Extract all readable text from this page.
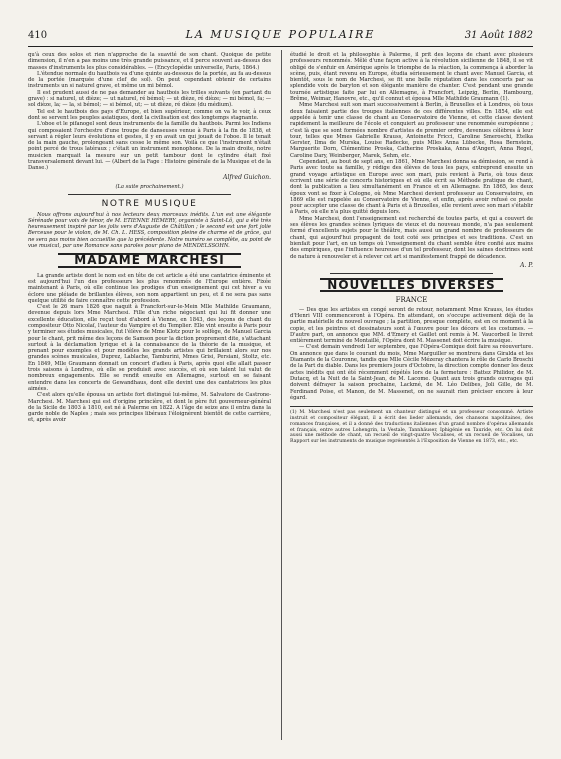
410	LA MUSIQUE POPULAIRE	31 Août 1882

qu'à ceux des solos et rien n'approche de la suavité de son chant. Quoique de petite dimension, il n'en a pas moins une très grande puissance, et il perce souvent au-dessus des masses d'instruments les plus considérables. — (Encyclopédie universelle, Paris, 1864.)

L'étendue normale du hautbois va d'une quinte au-dessous de la portée, au fa au-dessus de la portée (marquée d'une clef de sol). On peut cependant obtenir de certains instruments un si naturel grave, et même un mi bémol.

Il est prudent aussi de ne pas demander au hautbois les trilles suivants (en partant du grave) : si naturel, ut dièze; — ut naturel, ré bémol; — ut dièze, ré dièze; — mi bémol, fa; — sol dièze, la; — la, si bémol; — si bémol, ut; — ut dièze, ré dièze (du médium).

Tel est le hautbois des pays d'Europe, et bien supérieur, comme on va le voir, à ceux dont se servent les peuples asiatiques, dont la civilisation est des longtemps stagnante.

L'oboe et le pifanogel sont deux instruments de la famille du hautbois. Parmi les Indiens qui composaient l'orchestre d'une troupe de danseuses venue à Paris à la fin de 1838, et servant à régler leurs évolutions et gestes, il y en avait un qui jouait de l'oboe. Il le tenait de la main gauche, prolongeant sans cesse le même son. Voilà ce que l'instrument n'était point percé de trous latéraux ; c'était un instrument monophone. De la main droite, notre musicien marquait la mesure sur un petit tambour dont le cylindre était fixé transversalement devant lui. — (Albert de la Fage : Histoire générale de la Musique et de la Danse.)

Alfred Guichon.
(La suite prochainement.)
NOTRE MUSIQUE

Nous offrons aujourd'hui à nos lecteurs deux morceaux inédits. L'un est une élégante Sérénade pour voix de ténor, de M. ETIENNE HÉMERY, organiste à Saint-Lô, qui a été très heureusement inspiré par les jolis vers d'Auguste de Châtillon ; le second est une fort jolie Berceuse pour le violon, de M. Ch. L. HESS, composition pleine de charme et de grâce, qui ne sera pas moins bien accueillie que la précédente. Notre numéro se complète, au point de vue musical, par une Romance sans paroles pour piano de MENDELSSOHN.

MADAME MARCHESI

La grande artiste dont le nom est en tête de cet article a été une cantatrice éminente et est aujourd'hui l'un des professeurs les plus renommés de l'Europe entière. Fixée maintenant à Paris, où elle continue les prodiges d'un enseignement qui cet hiver a vu éclore une pléiade de brillantes élèves, son nom appartient un peu, et il ne sera pas sans quelque utilité de faire connaître cette profession.

C'est le 26 mars 1826 que naquit à Francfort-sur-le-Mein Mlle Mathilde Graumann, devenue depuis lors Mme Marchesi. Fille d'un riche négociant qui lui fit donner une excellente éducation, elle reçut tout d'abord à Vienne, en 1843, des leçons de chant du compositeur Otto Nicolaï, l'auteur du Vampire et du Templier. Elle vint ensuite à Paris pour y terminer ses études musicales, fut l'élève de Mme Klotz pour le solfège, de Manuel Garcia pour le chant, prit même des leçons de Samson pour la diction proprement dite, s'attachant surtout à la déclamation lyrique et à la connaissance de la théorie de la musique, et prenant pour exemples et pour modèles les grands artistes qui brillaient alors sur nos grandes scènes musicales, Duprez, Lablache, Tamburini, Mmes Grisi, Persiani, Stoltz, etc. En 1849, Mlle Graumann donnait un concert d'adieu à Paris, après quoi elle allait passer trois saisons à Londres, où elle se produisit avec succès, et où son talent lui valut de nombreux engagements. Elle se rendit ensuite en Allemagne, surtout en se faisant entendre dans les concerts de Gewandhaus, dont elle devint une des cantatrices les plus aimées.

C'est alors qu'elle épousa un artiste fort distingué lui-même, M. Salvatore de Castrone-Marchesi. M. Marchesi qui est d'origine princière, et dont le père fut gouverneur-général de la Sicile de 1803 à 1810, est né à Palerme en 1822. A l'âge de seize ans il entra dans la garde noble de Naples ; mais ses principes libéraux l'éloignèrent bientôt de cette carrière, et, après avoir

étudié le droit et la philosophie à Palerme, il prit des leçons de chant avec plusieurs professeurs renommés. Mêlé d'une façon active à la révolution sicilienne de 1848, il se vit obligé de s'enfuir en Amérique après le triomphe de la réaction, la commença à aborder la scène, puis, étant revenu en Europe, étudia sérieusement le chant avec Manuel Garcia, et bientôt, sous le nom de Marchesi, se fit une belle réputation dans les concerts par sa splendide voix de baryton et son élégante manière de chanter. C'est pendant une grande tournée artistique faite par lui en Allemagne, à Francfort, Leipzig, Berlin, Hambourg, Brême, Weimar, Hanovre, etc., qu'il connut et épousa Mlle Mathilde Graumann (1).

Mme Marchesi suit son mari successivement à Berlin, à Bruxelles et à Londres, où tous deux faisaient partie des troupes italiennes de ces différentes villes. En 1854, elle est appelée à tenir une classe de chant au Conservatoire de Vienne, et cette classe devient rapidement la meilleure de l'école et conquiert au professeur une renommée européenne ; c'est là que se sont formées nombre d'artistes de premier ordre, devenues célèbres à leur tour, telles que Mmes Gabrielle Krauss, Antoinette Fricci, Caroline Smeroschi, Etelka Gerster, Ilma de Murska, Louise Radecke, puis Mlles Anna Lübecke, Rosa Bernstein, Marguerite Dorn, Clémentine Proska, Catherine Proskaka, Anna d'Angeri, Anna Regel, Caroline Dary, Weinberger, Marek, Sehm, etc.

Cependant, au bout de sept ans, en 1861, Mme Marchesi donna sa démission, se rend à Paris avec toute sa famille, y rédige des élèves de tous les pays, entreprend ensuite un grand voyage artistique en Europe avec son mari, puis revient à Paris, où tous deux écrivent une série de concerts historiques et où elle écrit sa Méthode pratique de chant, dont la publication a lieu simultanément en France et en Allemagne. En 1865, les deux époux vont se fixer à Cologne, où Mme Marchesi devient professeur au Conservatoire, en 1869 elle est rappelée au Conservatoire de Vienne, et enfin, après avoir refusé ce poste pour accepter une classe de chant à Paris et à Bruxelles, elle revient avec son mari s'établir à Paris, où elle n'a plus quitté depuis lors.

Mme Marchesi, dont l'enseignement est recherché de toutes parts, et qui a couvert de ses élèves les grandes scènes lyriques de vieux et du nouveau monde, n'a pas seulement formé d'excellents sujets pour le théâtre, mais aussi un grand nombre de professeurs de chant, qui aujourd'hui propagent de tout coté ses principes et ses traditions. C'est un bienfait pour l'art, en un temps où l'enseignement du chant semble être confié aux mains des empiriques, que l'influence heureuse d'un tel professeur, dont les saines doctrines sont de nature à renouveler et à relever cet art si manifestement frappé de décadence.

A. P.
NOUVELLES DIVERSES
FRANCE

— Des que les artistes en congé seront de retour, notamment Mme Krauss, les études d'Henri VIII commenceront à l'Opéra. En attendant, on s'occupe activement déjà de la partie matérielle du nouvel ouvrage ; la partition, presque complète, est en ce moment à la copie, et les peintres et dessinateurs sont à l'œuvre pour les décors et les costumes. — D'autre part, on annonce que MM. d'Emery et Gaillet ont remis à M. Vaucorbeil le livret entièrement terminé de Montaillé, l'Opéra dont M. Massenet doit écrire la musique.

— C'est demain vendredi 1er septembre, que l'Opéra-Comique doit faire sa réouverture. On annonce que dans le courant du mois, Mme Marguiller se montrera dans Giralda et les Diamants de la Couronne, tandis que Mlle Cécile Mézeray chantera le rôle de Carlo Broschi de la Part du diable. Dans les premiers jours d'Octobre, la direction compte donner les deux actes inédits qui ont été récemment répétés lors de la fermeture : Battez Philidor, de M. Dutacq, et la Nuit de la Saint-Jean, de M. Lacome. Quant aux trois grands ouvrages qui doivent défrayer la saison prochaine, Lackmé, de M. Léo Delibes, Joli Gille, de M. Ferdinand Poise, et Manon, de M. Massenet, on ne saurait rien préciser encore à leur égard.

(1) M. Marchesi n'est pas seulement un chanteur distingué et un professeur consommé. Artiste instruit et compositeur élégant, il a écrit des lieder allemands, des chansons napolitaines, des romances françaises, et il a donné des traductions italiennes d'un grand nombre d'opéras allemands et français, entre autres Lohengrin, la Vestale, Tannhäuser, Iphigénie en Tauride, etc. On lui doit aussi une méthode de chant, un recueil de vingt-quatre Vocalises, et un recueil de Vocalises, un Rapport sur les instruments de musique représentés à l'Exposition de Vienne en 1873, etc., etc.
